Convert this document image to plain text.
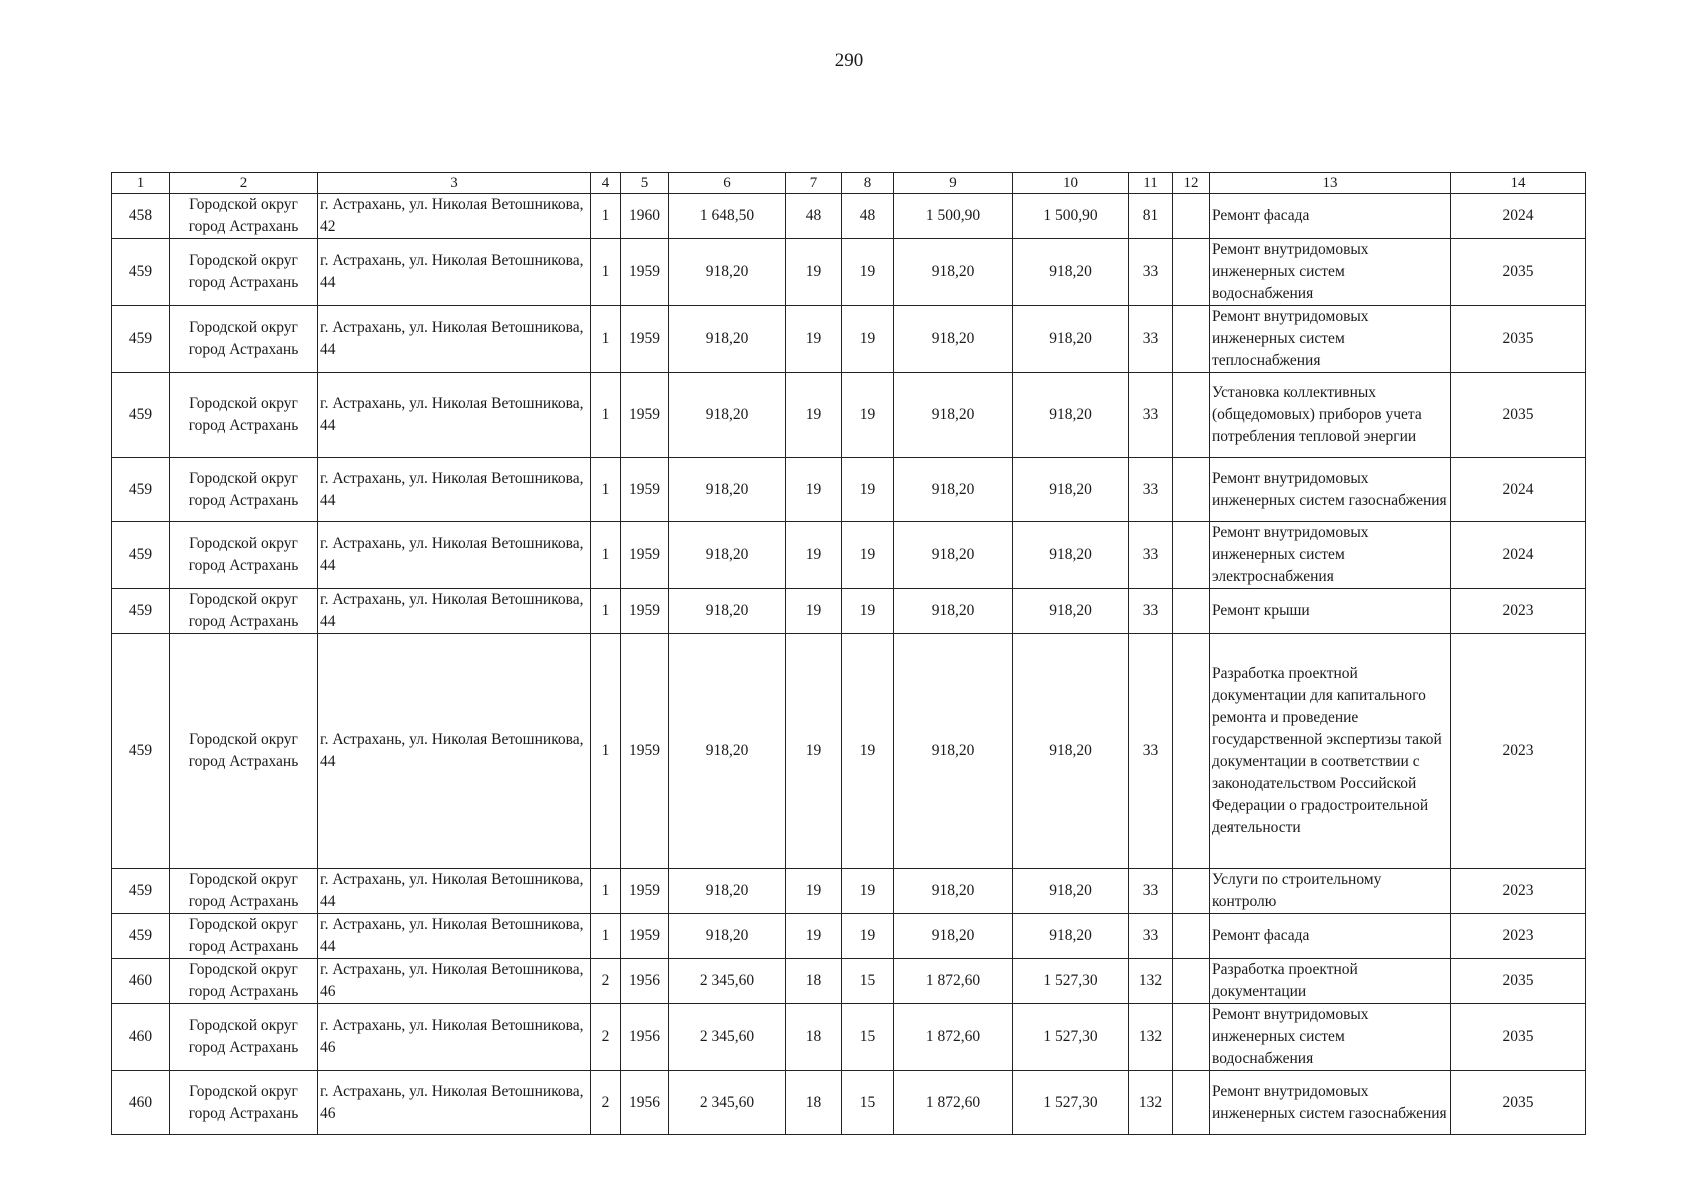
290
1	2	3	4	5	6	7	8	9	10	11	12	13	14
458	Городской округ город Астрахань	г. Астрахань, ул. Николая Ветошникова, 42	1	1960	1 648,50	48	48	1 500,90	1 500,90	81		Ремонт фасада	2024
459	Городской округ город Астрахань	г. Астрахань, ул. Николая Ветошникова, 44	1	1959	918,20	19	19	918,20	918,20	33		Ремонт внутридомовых инженерных систем водоснабжения	2035
459	Городской округ город Астрахань	г. Астрахань, ул. Николая Ветошникова, 44	1	1959	918,20	19	19	918,20	918,20	33		Ремонт внутридомовых инженерных систем теплоснабжения	2035
459	Городской округ город Астрахань	г. Астрахань, ул. Николая Ветошникова, 44	1	1959	918,20	19	19	918,20	918,20	33		Установка коллективных (общедомовых) приборов учета потребления тепловой энергии	2035
459	Городской округ город Астрахань	г. Астрахань, ул. Николая Ветошникова, 44	1	1959	918,20	19	19	918,20	918,20	33		Ремонт внутридомовых инженерных систем газоснабжения	2024
459	Городской округ город Астрахань	г. Астрахань, ул. Николая Ветошникова, 44	1	1959	918,20	19	19	918,20	918,20	33		Ремонт внутридомовых инженерных систем электроснабжения	2024
459	Городской округ город Астрахань	г. Астрахань, ул. Николая Ветошникова, 44	1	1959	918,20	19	19	918,20	918,20	33		Ремонт крыши	2023
459	Городской округ город Астрахань	г. Астрахань, ул. Николая Ветошникова, 44	1	1959	918,20	19	19	918,20	918,20	33		Разработка проектной документации для капитального ремонта и проведение государственной экспертизы такой документации в соответствии с законодательством Российской Федерации о градостроительной деятельности	2023
459	Городской округ город Астрахань	г. Астрахань, ул. Николая Ветошникова, 44	1	1959	918,20	19	19	918,20	918,20	33		Услуги по строительному контролю	2023
459	Городской округ город Астрахань	г. Астрахань, ул. Николая Ветошникова, 44	1	1959	918,20	19	19	918,20	918,20	33		Ремонт фасада	2023
460	Городской округ город Астрахань	г. Астрахань, ул. Николая Ветошникова, 46	2	1956	2 345,60	18	15	1 872,60	1 527,30	132		Разработка проектной документации	2035
460	Городской округ город Астрахань	г. Астрахань, ул. Николая Ветошникова, 46	2	1956	2 345,60	18	15	1 872,60	1 527,30	132		Ремонт внутридомовых инженерных систем водоснабжения	2035
460	Городской округ город Астрахань	г. Астрахань, ул. Николая Ветошникова, 46	2	1956	2 345,60	18	15	1 872,60	1 527,30	132		Ремонт внутридомовых инженерных систем газоснабжения	2035
